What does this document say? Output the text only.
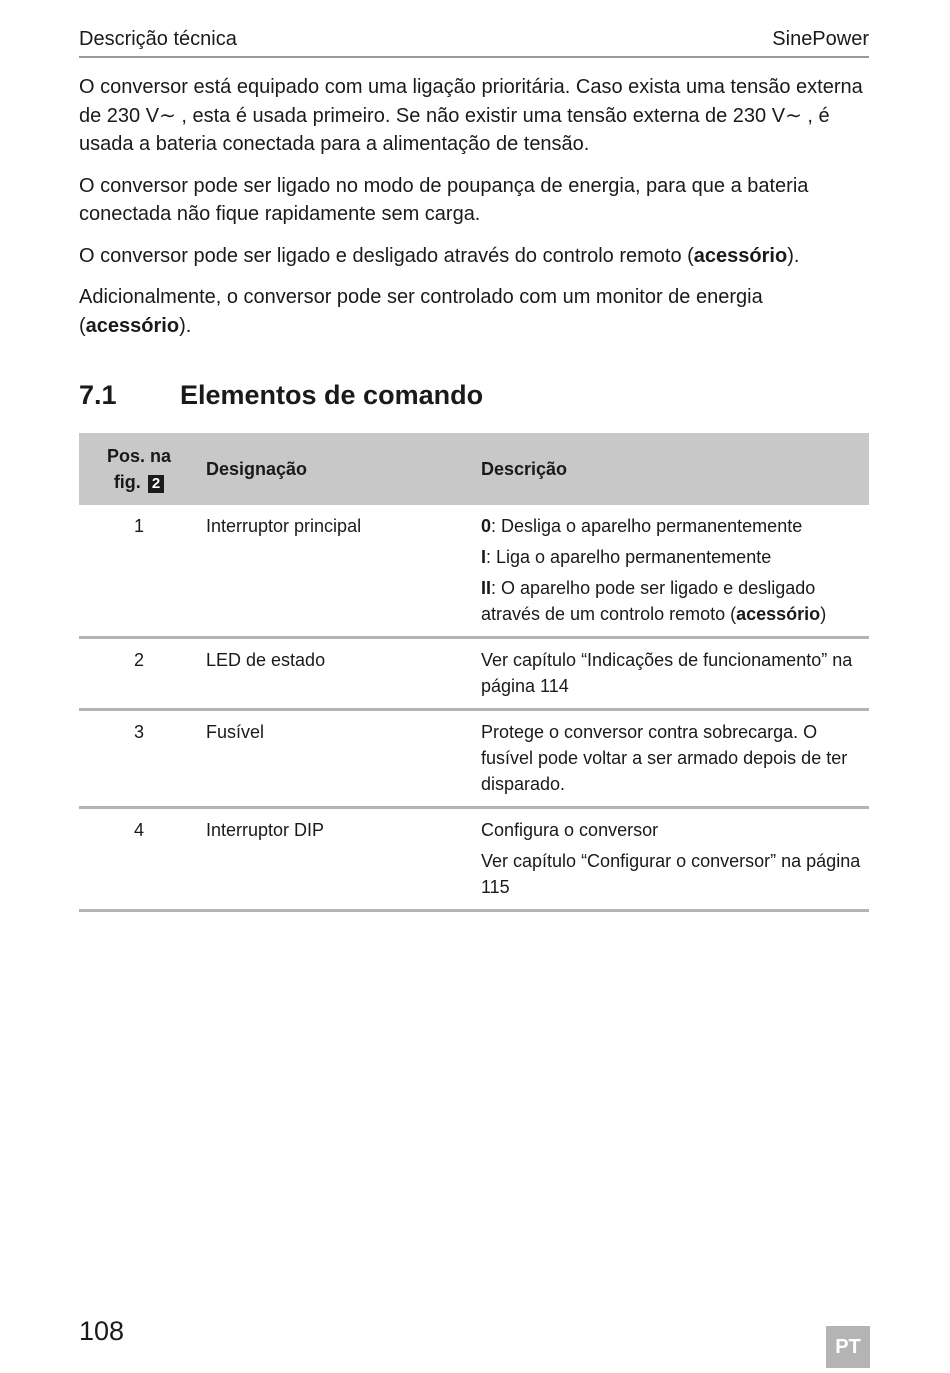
Descrição técnica	SinePower

O conversor está equipado com uma ligação prioritária. Caso exista uma tensão externa de 230 V∼ , esta é usada primeiro. Se não existir uma tensão externa de 230 V∼ , é usada a bateria conectada para a alimentação de tensão.

O conversor pode ser ligado no modo de poupança de energia, para que a bateria conectada não fique rapidamente sem carga.

O conversor pode ser ligado e desligado através do controlo remoto (acessório).

Adicionalmente, o conversor pode ser controlado com um monitor de energia (acessório).

7.1	Elementos de comando
Pos. na
fig. 2	Designação	Descrição
1	Interruptor principal	0: Desliga o aparelho permanentemente
I: Liga o aparelho permanentemente
II: O aparelho pode ser ligado e desligado através de um controlo remoto (acessório)

2	LED de estado	Ver capítulo “Indicações de funcionamento” na página 114

3	Fusível	Protege o conversor contra sobrecarga. O fusível pode voltar a ser armado depois de ter disparado.

4	Interruptor DIP	Configura o conversor
Ver capítulo “Configurar o conversor” na página 115
108
PT
